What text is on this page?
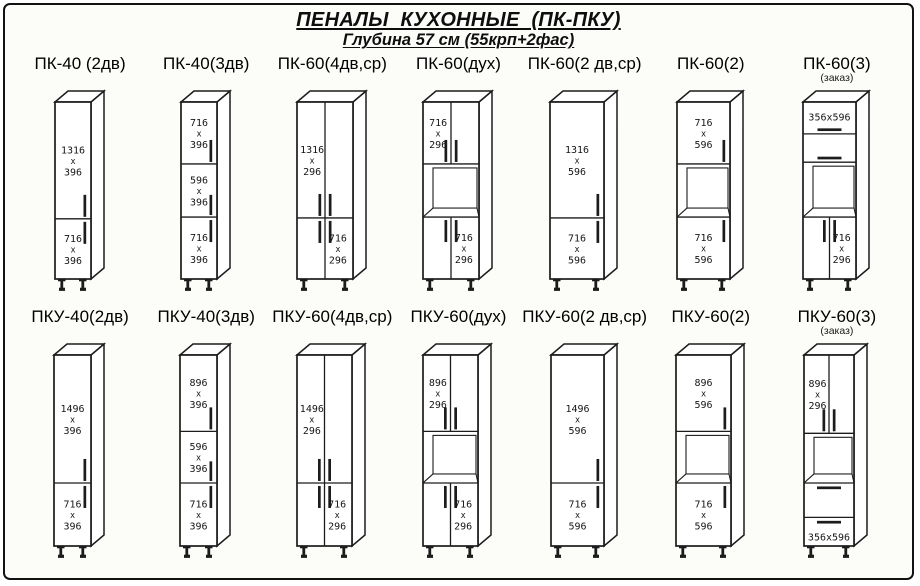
ПЕНАЛЫ КУХОННЫЕ (ПК-ПКУ)
Глубина 57 см (55крп+2фас)
ПК-40 (2дв)
1316
х
396
716
х
396
ПК-40(3дв)
716
х
396
596
х
396
716
х
396
ПК-60(4дв,ср)
1316
х
296
716
х
296
ПК-60(дух)
716
х
296
716
х
296
ПК-60(2 дв,ср)
1316
х
596
716
х
596
ПК-60(2)
716
х
596
716
х
596
ПК-60(3)
(заказ)
356х596
716
х
296
ПКУ-40(2дв)
1496
х
396
716
х
396
ПКУ-40(3дв)
896
х
396
596
х
396
716
х
396
ПКУ-60(4дв,ср)
1496
х
296
716
х
296
ПКУ-60(дух)
896
х
296
716
х
296
ПКУ-60(2 дв,ср)
1496
х
596
716
х
596
ПКУ-60(2)
896
х
596
716
х
596
ПКУ-60(3)
(заказ)
896
х
296
356х596
